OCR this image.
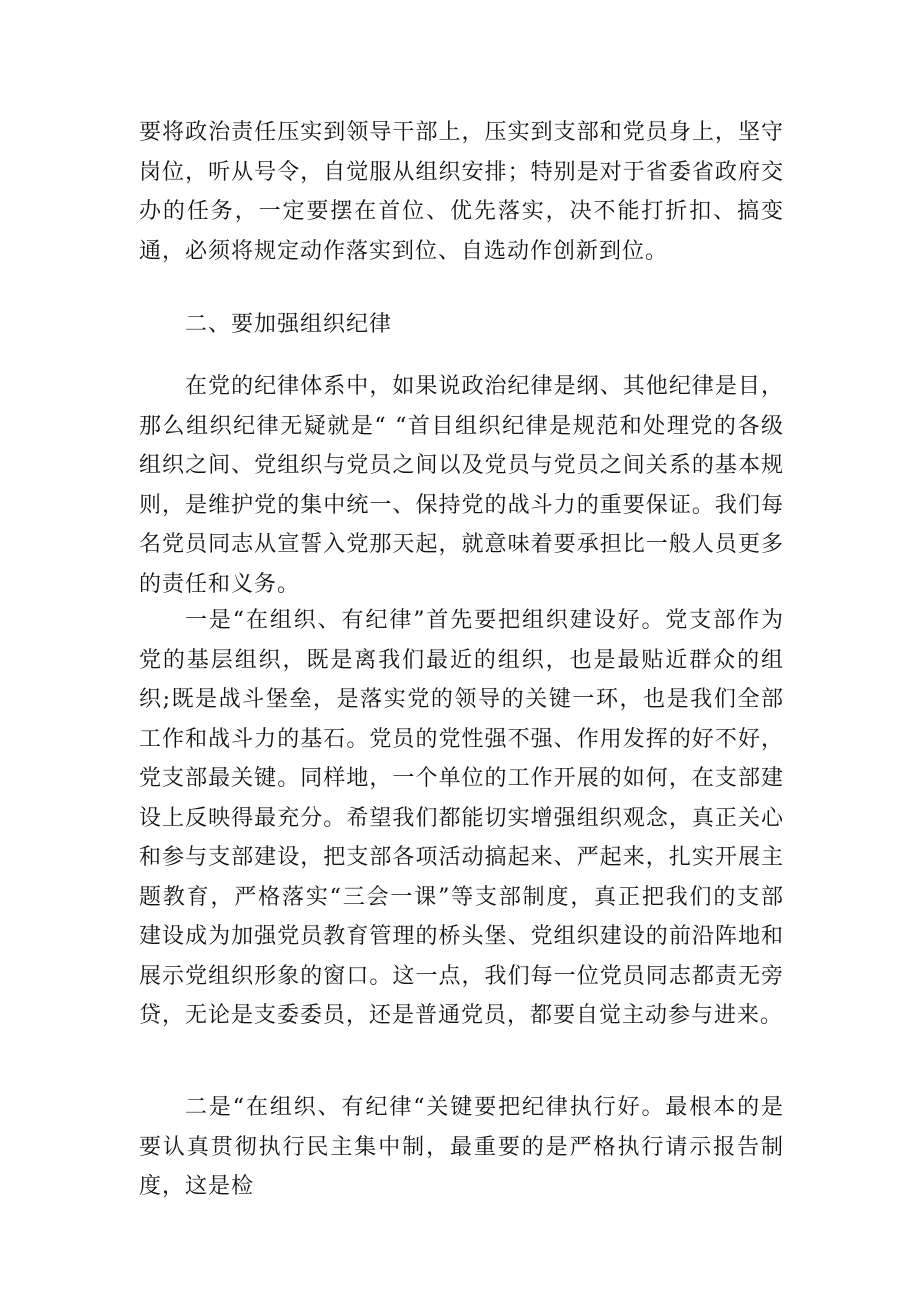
要将政治责任压实到领导干部上，压实到支部和党员身上，坚守岗位，听从号令，自觉服从组织安排；特别是对于省委省政府交办的任务，一定要摆在首位、优先落实，决不能打折扣、搞变通，必须将规定动作落实到位、自选动作创新到位。

二、要加强组织纪律

在党的纪律体系中，如果说政治纪律是纲、其他纪律是目，那么组织纪律无疑就是“ “首目组织纪律是规范和处理党的各级组织之间、党组织与党员之间以及党员与党员之间关系的基本规则，是维护党的集中统一、保持党的战斗力的重要保证。我们每名党员同志从宣誓入党那天起，就意味着要承担比一般人员更多的责任和义务。

一是“在组织、有纪律”首先要把组织建设好。党支部作为党的基层组织，既是离我们最近的组织，也是最贴近群众的组织;既是战斗堡垒，是落实党的领导的关键一环，也是我们全部工作和战斗力的基石。党员的党性强不强、作用发挥的好不好，党支部最关键。同样地，一个单位的工作开展的如何，在支部建设上反映得最充分。希望我们都能切实增强组织观念，真正关心和参与支部建设，把支部各项活动搞起来、严起来，扎实开展主题教育，严格落实“三会一课”等支部制度，真正把我们的支部建设成为加强党员教育管理的桥头堡、党组织建设的前沿阵地和展示党组织形象的窗口。这一点，我们每一位党员同志都责无旁贷，无论是支委委员，还是普通党员，都要自觉主动参与进来。

二是“在组织、有纪律“关键要把纪律执行好。最根本的是要认真贯彻执行民主集中制，最重要的是严格执行请示报告制度，这是检
